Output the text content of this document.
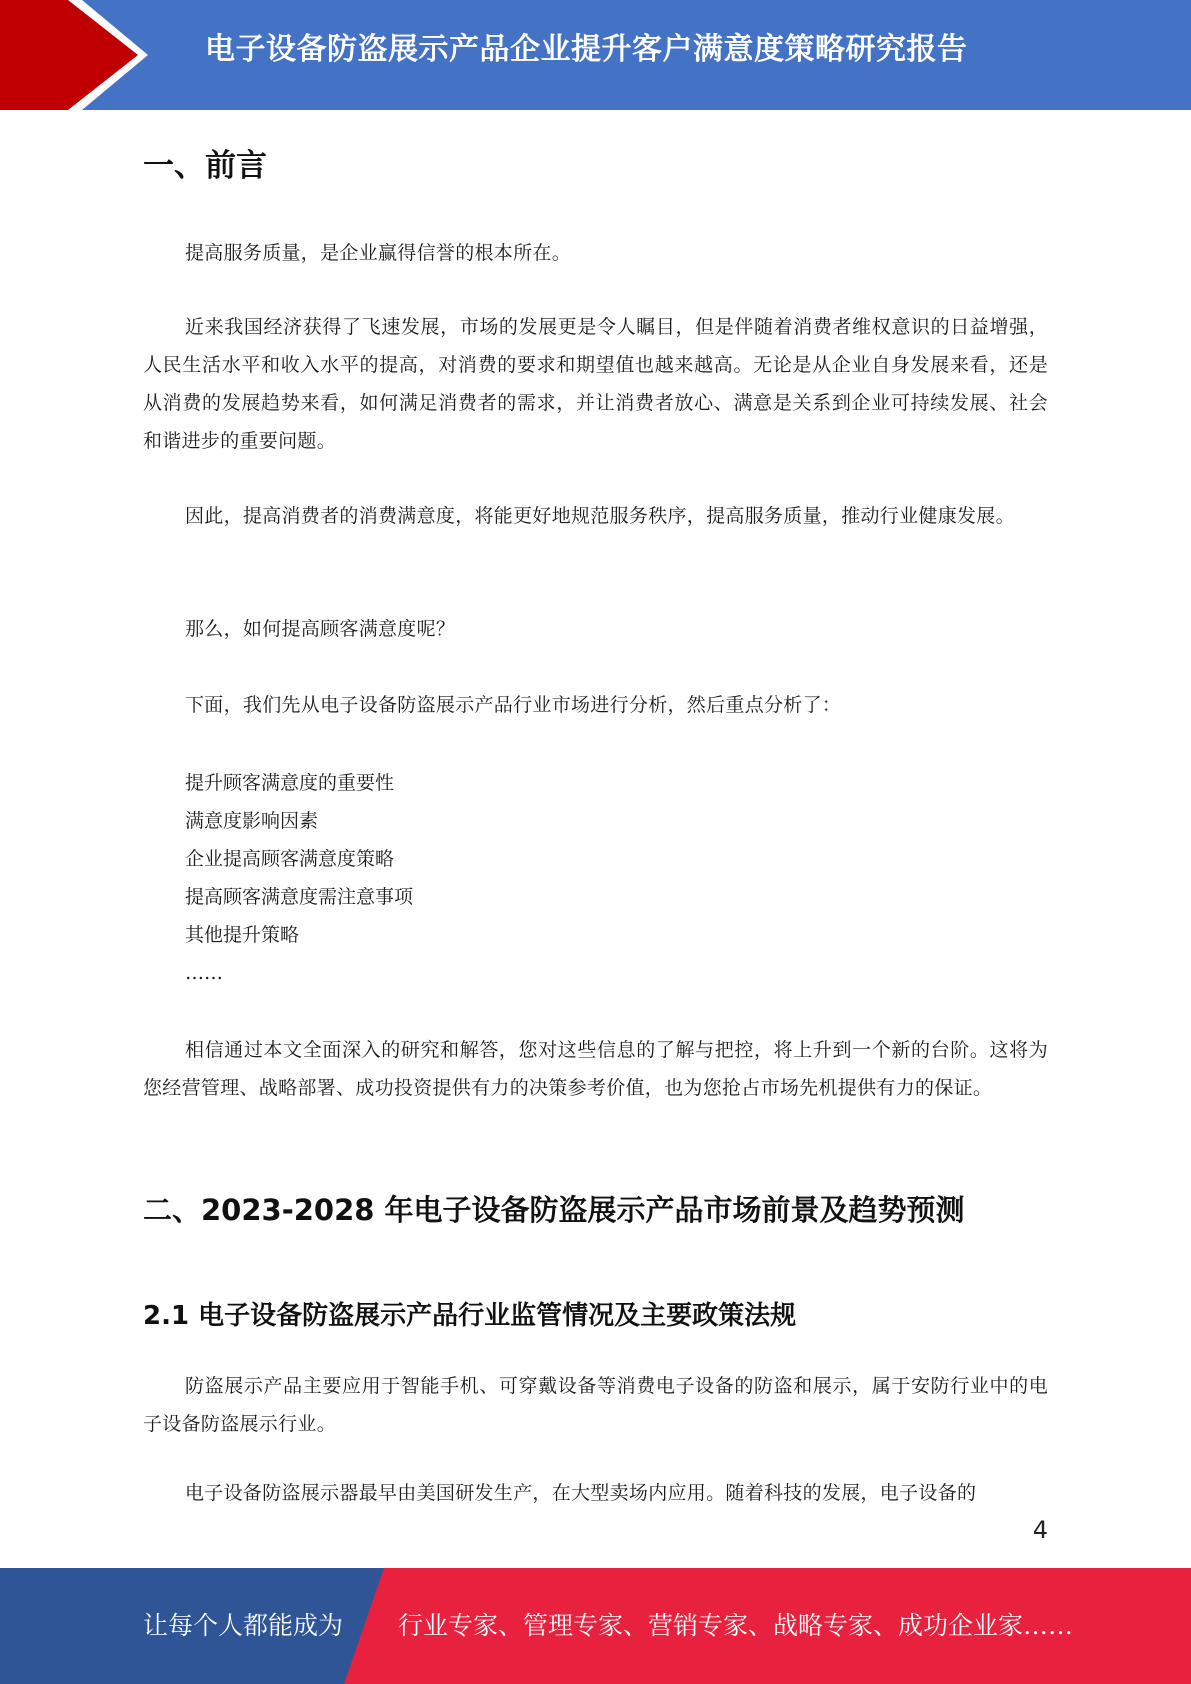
电子设备防盗展示产品企业提升客户满意度策略研究报告
一、前言

提高服务质量，是企业赢得信誉的根本所在。

近来我国经济获得了飞速发展，市场的发展更是令人瞩目，但是伴随着消费者维权意识的日益增强，人民生活水平和收入水平的提高，对消费的要求和期望值也越来越高。无论是从企业自身发展来看，还是从消费的发展趋势来看，如何满足消费者的需求，并让消费者放心、满意是关系到企业可持续发展、社会和谐进步的重要问题。

因此，提高消费者的消费满意度，将能更好地规范服务秩序，提高服务质量，推动行业健康发展。

那么，如何提高顾客满意度呢？

下面，我们先从电子设备防盗展示产品行业市场进行分析，然后重点分析了：

提升顾客满意度的重要性
满意度影响因素
企业提高顾客满意度策略
提高顾客满意度需注意事项
其他提升策略
……

相信通过本文全面深入的研究和解答，您对这些信息的了解与把控，将上升到一个新的台阶。这将为您经营管理、战略部署、成功投资提供有力的决策参考价值，也为您抢占市场先机提供有力的保证。

二、2023-2028 年电子设备防盗展示产品市场前景及趋势预测
2.1 电子设备防盗展示产品行业监管情况及主要政策法规

防盗展示产品主要应用于智能手机、可穿戴设备等消费电子设备的防盗和展示，属于安防行业中的电子设备防盗展示行业。

电子设备防盗展示器最早由美国研发生产，在大型卖场内应用。随着科技的发展，电子设备的

4
让每个人都能成为 行业专家、管理专家、营销专家、战略专家、成功企业家……
